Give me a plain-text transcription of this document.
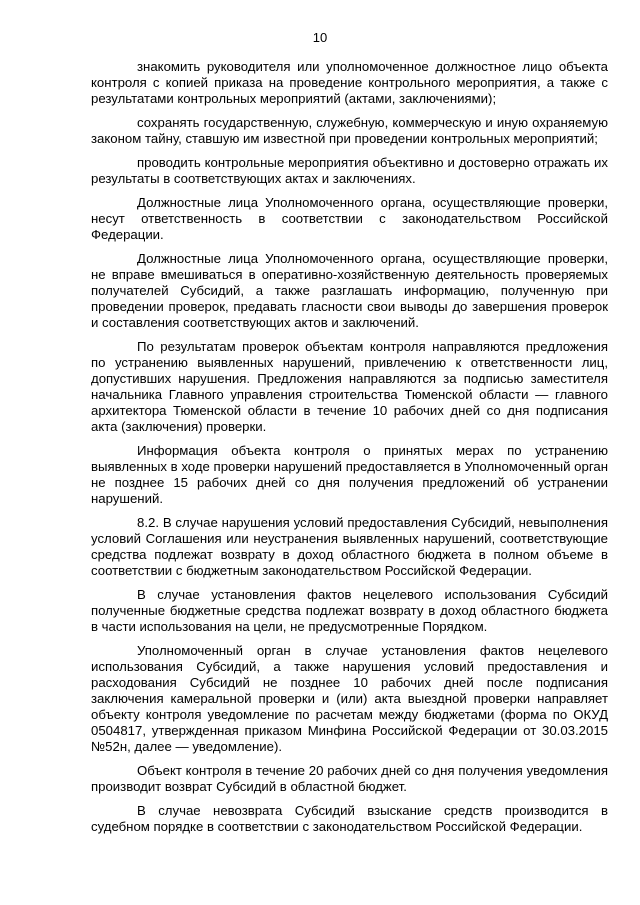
10

знакомить руководителя или уполномоченное должностное лицо объекта контроля с копией приказа на проведение контрольного мероприятия, а также с результатами контрольных мероприятий (актами, заключениями);

сохранять государственную, служебную, коммерческую и иную охраняемую законом тайну, ставшую им известной при проведении контрольных мероприятий;

проводить контрольные мероприятия объективно и достоверно отражать их результаты в соответствующих актах и заключениях.

Должностные лица Уполномоченного органа, осуществляющие проверки, несут ответственность в соответствии с законодательством Российской Федерации.

Должностные лица Уполномоченного органа, осуществляющие проверки, не вправе вмешиваться в оперативно-хозяйственную деятельность проверяемых получателей Субсидий, а также разглашать информацию, полученную при проведении проверок, предавать гласности свои выводы до завершения проверок и составления соответствующих актов и заключений.

По результатам проверок объектам контроля направляются предложения по устранению выявленных нарушений, привлечению к ответственности лиц, допустивших нарушения. Предложения направляются за подписью заместителя начальника Главного управления строительства Тюменской области — главного архитектора Тюменской области в течение 10 рабочих дней со дня подписания акта (заключения) проверки.

Информация объекта контроля о принятых мерах по устранению выявленных в ходе проверки нарушений предоставляется в Уполномоченный орган не позднее 15 рабочих дней со дня получения предложений об устранении нарушений.

8.2. В случае нарушения условий предоставления Субсидий, невыполнения условий Соглашения или неустранения выявленных нарушений, соответствующие средства подлежат возврату в доход областного бюджета в полном объеме в соответствии с бюджетным законодательством Российской Федерации.

В случае установления фактов нецелевого использования Субсидий полученные бюджетные средства подлежат возврату в доход областного бюджета в части использования на цели, не предусмотренные Порядком.

Уполномоченный орган в случае установления фактов нецелевого использования Субсидий, а также нарушения условий предоставления и расходования Субсидий не позднее 10 рабочих дней после подписания заключения камеральной проверки и (или) акта выездной проверки направляет объекту контроля уведомление по расчетам между бюджетами (форма по ОКУД 0504817, утвержденная приказом Минфина Российской Федерации от 30.03.2015 №52н, далее — уведомление).

Объект контроля в течение 20 рабочих дней со дня получения уведомления производит возврат Субсидий в областной бюджет.

В случае невозврата Субсидий взыскание средств производится в судебном порядке в соответствии с законодательством Российской Федерации.
